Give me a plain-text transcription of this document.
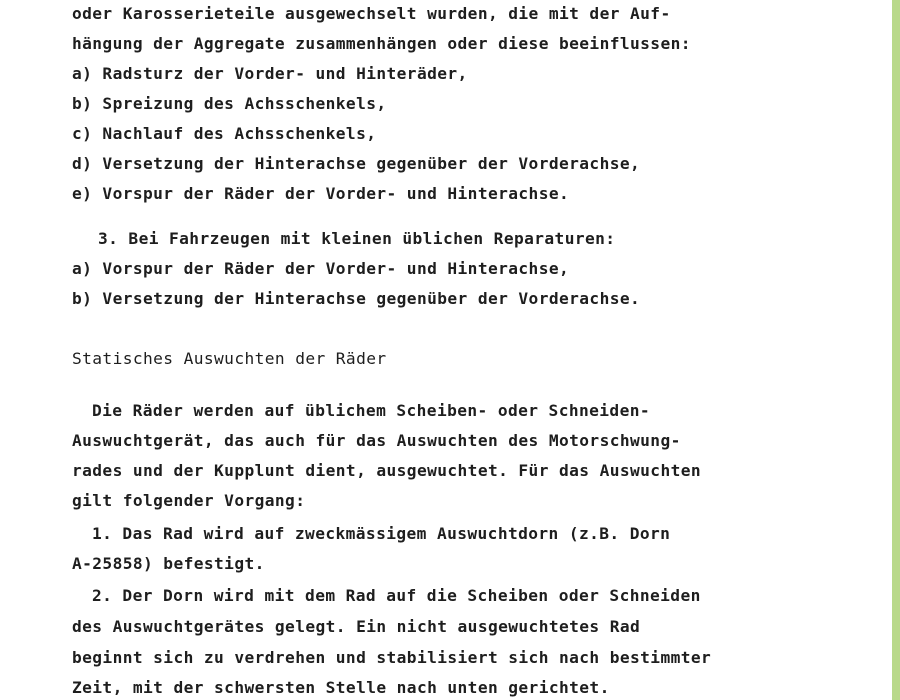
oder Karosserieteile ausgewechselt wurden, die mit der Auf-
hängung der Aggregate zusammenhängen oder diese beeinflussen:
a) Radsturz der Vorder- und Hinteräder,
b) Spreizung des Achsschenkels,
c) Nachlauf des Achsschenkels,
d) Versetzung der Hinterachse gegenüber der Vorderachse,
e) Vorspur der Räder der Vorder- und Hinterachse.
3. Bei Fahrzeugen mit kleinen üblichen Reparaturen:
a) Vorspur der Räder der Vorder- und Hinterachse,
b) Versetzung der Hinterachse gegenüber der Vorderachse.
Statisches Auswuchten der Räder
Die Räder werden auf üblichem Scheiben- oder Schneiden-
Auswuchtgerät, das auch für das Auswuchten des Motorschwung-
rades und der Kupplunt dient, ausgewuchtet. Für das Auswuchten
gilt folgender Vorgang:
1. Das Rad wird auf zweckmässigem Auswuchtdorn (z.B. Dorn
A-25858) befestigt.
2. Der Dorn wird mit dem Rad auf die Scheiben oder Schneiden
des Auswuchtgerätes gelegt. Ein nicht ausgewuchtetes Rad
beginnt sich zu verdrehen und stabilisiert sich nach bestimmter
Zeit, mit der schwersten Stelle nach unten gerichtet.
